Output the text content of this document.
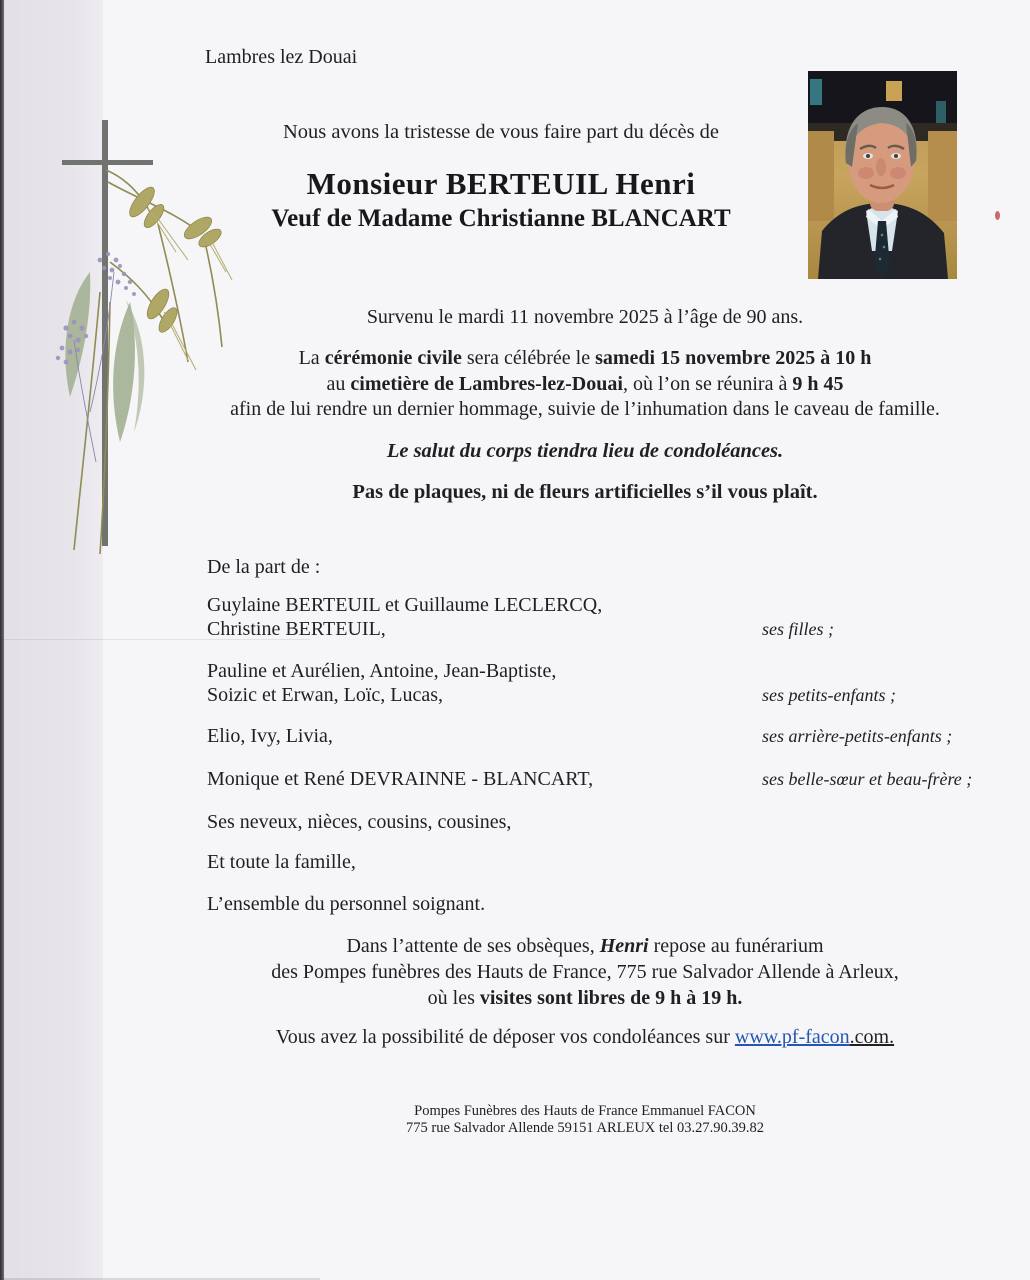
Lambres lez Douai
Nous avons la tristesse de vous faire part du décès de
Monsieur BERTEUIL Henri
Veuf de Madame Christianne BLANCART
Survenu le mardi 11 novembre 2025 à l’âge de 90 ans.
La cérémonie civile sera célébrée le samedi 15 novembre 2025 à 10 h
au cimetière de Lambres-lez-Douai, où l’on se réunira à 9 h 45
afin de lui rendre un dernier hommage, suivie de l’inhumation dans le caveau de famille.
Le salut du corps tiendra lieu de condoléances.
Pas de plaques, ni de fleurs artificielles s’il vous plaît.
De la part de :
Guylaine BERTEUIL et Guillaume LECLERCQ,
Christine BERTEUIL,	ses filles ;
Pauline et Aurélien, Antoine, Jean-Baptiste,
Soizic et Erwan, Loïc, Lucas,	ses petits-enfants ;
Elio, Ivy, Livia,	ses arrière-petits-enfants ;
Monique et René DEVRAINNE - BLANCART,	ses belle-sœur et beau-frère ;
Ses neveux, nièces, cousins, cousines,
Et toute la famille,
L’ensemble du personnel soignant.
Dans l’attente de ses obsèques, Henri repose au funérarium
des Pompes funèbres des Hauts de France, 775 rue Salvador Allende à Arleux,
où les visites sont libres de 9 h à 19 h.
Vous avez la possibilité de déposer vos condoléances sur www.pf-facon.com.
Pompes Funèbres des Hauts de France Emmanuel FACON
775 rue Salvador Allende 59151 ARLEUX tel 03.27.90.39.82
